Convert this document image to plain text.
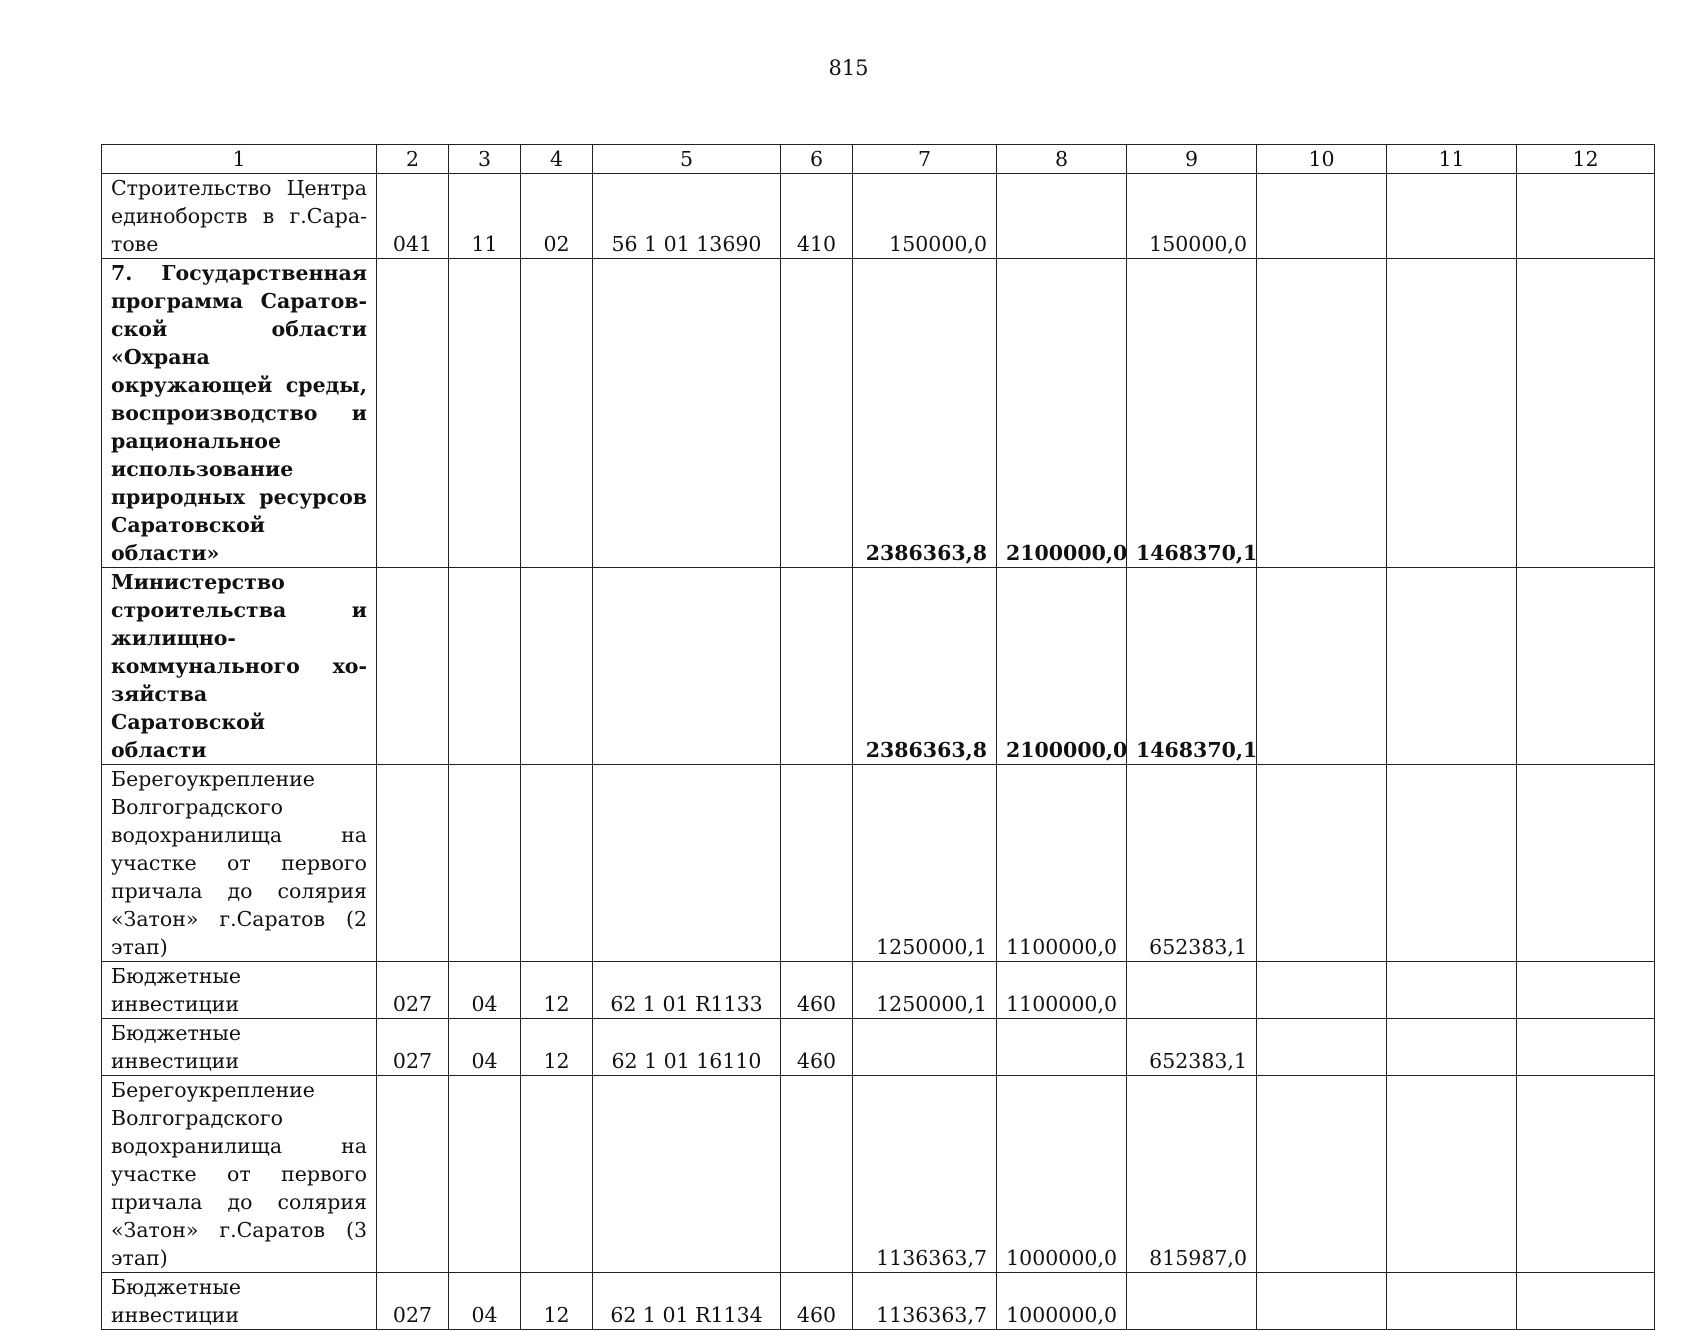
815
1	2	3	4	5	6	7	8	9	10	11	12
Строительство Центра единоборств в г.Саратове	041	11	02	56 1 01 13690	410	150000,0		150000,0			
7. Государственная программа Саратовской области «Охрана окружающей среды, воспроизводство и рациональное использование природных ресурсов Саратовской области»						2386363,8	2100000,0	1468370,1			
Министерство строительства и жилищно-коммунального хозяйства Саратовской области						2386363,8	2100000,0	1468370,1			
Берегоукрепление Волгоградского водохранилища на участке от первого причала до солярия «Затон» г.Саратов (2 этап)						1250000,1	1100000,0	652383,1			
Бюджетные инвестиции	027	04	12	62 1 01 R1133	460	1250000,1	1100000,0				
Бюджетные инвестиции	027	04	12	62 1 01 16110	460			652383,1			
Берегоукрепление Волгоградского водохранилища на участке от первого причала до солярия «Затон» г.Саратов (3 этап)						1136363,7	1000000,0	815987,0			
Бюджетные инвестиции	027	04	12	62 1 01 R1134	460	1136363,7	1000000,0				
